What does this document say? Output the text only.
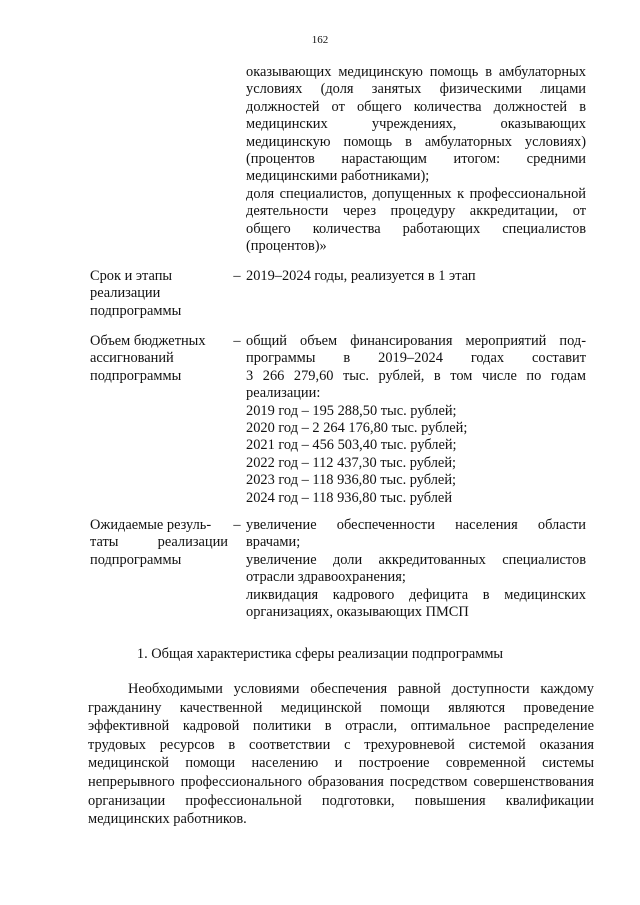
162

оказывающих медицинскую помощь в амбулаторных условиях (доля занятых физическими лицами должностей от общего количества должностей в медицинских учреждениях, оказывающих медицинскую помощь в амбулаторных условиях) (процентов нарастающим итогом: средними медицинскими работниками);

доля специалистов, допущенных к профессиональной деятельности через процедуру аккредитации, от общего количества работающих специалистов (процентов)»

Срок и этапы реализации подпрограммы
– 2019–2024 годы, реализуется в 1 этап

Объем бюджетных ассигнований подпрограммы
– общий объем финансирования мероприятий под-

программы в 2019–2024 годах составит

3 266 279,60 тыс. рублей, в том числе по годам реализации:

2019 год – 195 288,50 тыс. рублей;

2020 год – 2 264 176,80 тыс. рублей;

2021 год – 456 503,40 тыс. рублей;

2022 год – 112 437,30 тыс. рублей;

2023 год – 118 936,80 тыс. рублей;

2024 год – 118 936,80 тыс. рублей

Ожидаемые резуль-

таты реализации

подпрограммы

– увеличение обеспеченности населения области врачами;

увеличение доли аккредитованных специалистов отрасли здравоохранения;

ликвидация кадрового дефицита в медицинских организациях, оказывающих ПМСП

1. Общая характеристика сферы реализации подпрограммы

Необходимыми условиями обеспечения равной доступности каждому гражданину качественной медицинской помощи являются проведение эффективной кадровой политики в отрасли, оптимальное распределение трудовых ресурсов в соответствии с трехуровневой системой оказания медицинской помощи населению и построение современной системы непрерывного профессионального образования посредством совершенствования организации профессиональной подготовки, повышения квалификации медицинских работников.
